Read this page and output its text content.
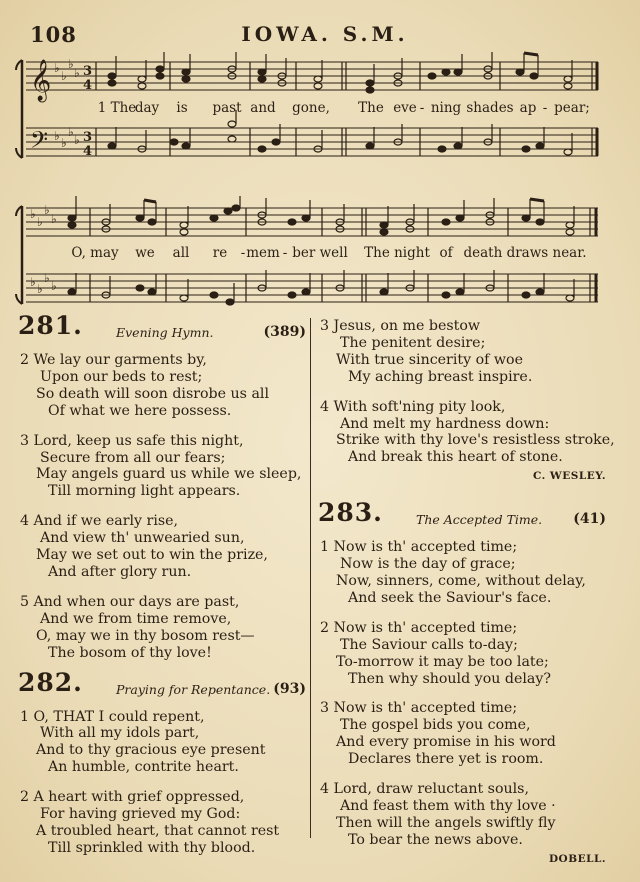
108	IOWA. S.M.
𝄞
𝄢
♭
♭
♭
♭
♭ ♭
♭
♭
3
4
3
4
1 The
day is past and gone, The eve - ning shades ap - pear;
♭
♭
♭
♭
♭ ♭
♭
♭
O, may we all re - mem - ber well The night of death draws near.
281.	Evening Hymn.	(389)
2 We lay our garments by,
Upon our beds to rest;
So death will soon disrobe us all
Of what we here possess.
3 Lord, keep us safe this night,
Secure from all our fears;
May angels guard us while we sleep,
Till morning light appears.
4 And if we early rise,
And view th' unwearied sun,
May we set out to win the prize,
And after glory run.
5 And when our days are past,
And we from time remove,
O, may we in thy bosom rest—
The bosom of thy love!
282.	Praying for Repentance. (93)
1 O, THAT I could repent,
With all my idols part,
And to thy gracious eye present
An humble, contrite heart.
2 A heart with grief oppressed,
For having grieved my God:
A troubled heart, that cannot rest
Till sprinkled with thy blood.
3 Jesus, on me bestow
The penitent desire;
With true sincerity of woe
My aching breast inspire.
4 With soft'ning pity look,
And melt my hardness down:
Strike with thy love's resistless stroke,
And break this heart of stone.
C. WESLEY.
283.	The Accepted Time. (41)
1 Now is th' accepted time;
Now is the day of grace;
Now, sinners, come, without delay,
And seek the Saviour's face.
2 Now is th' accepted time;
The Saviour calls to-day;
To-morrow it may be too late;
Then why should you delay?
3 Now is th' accepted time;
The gospel bids you come,
And every promise in his word
Declares there yet is room.
4 Lord, draw reluctant souls,
And feast them with thy love ·
Then will the angels swiftly fly
To bear the news above.
DOBELL.
